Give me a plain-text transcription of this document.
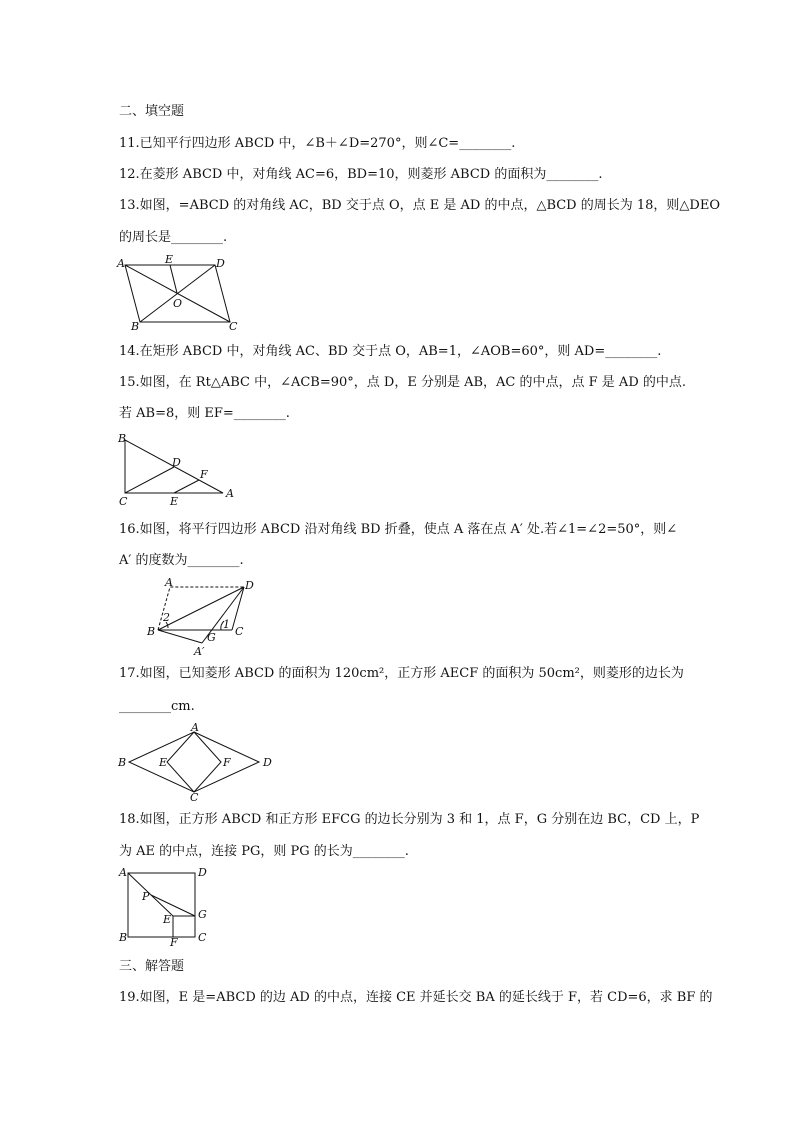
二、填空题
11.已知平行四边形 ABCD 中，∠B＋∠D=270°，则∠C=________.
12.在菱形 ABCD 中，对角线 AC=6，BD=10，则菱形 ABCD 的面积为________.
13.如图，=ABCD 的对角线 AC，BD 交于点 O，点 E 是 AD 的中点，△BCD 的周长为 18，则△DEO
的周长是________.
A	E	D
O
B	C
14.在矩形 ABCD 中，对角线 AC、BD 交于点 O，AB=1，∠AOB=60°，则 AD=________.
15.如图，在 Rt△ABC 中，∠ACB=90°，点 D，E 分别是 AB，AC 的中点，点 F 是 AD 的中点.
若 AB=8，则 EF=________.
B
D
F
C	E
A
16.如图，将平行四边形 ABCD 沿对角线 BD 折叠，使点 A 落在点 A′ 处.若∠1=∠2=50°，则∠
A′ 的度数为________.
A	D
2
1
B	G C
A′
17.如图，已知菱形 ABCD 的面积为 120cm²，正方形 AECF 的面积为 50cm²，则菱形的边长为
________cm.
A
B	E	F	D
C
18.如图，正方形 ABCD 和正方形 EFCG 的边长分别为 3 和 1，点 F，G 分别在边 BC，CD 上，P
为 AE 的中点，连接 PG，则 PG 的长为________.
A	D
P
G
E
B	F C
三、解答题
19.如图，E 是=ABCD 的边 AD 的中点，连接 CE 并延长交 BA 的延长线于 F，若 CD=6，求 BF 的
